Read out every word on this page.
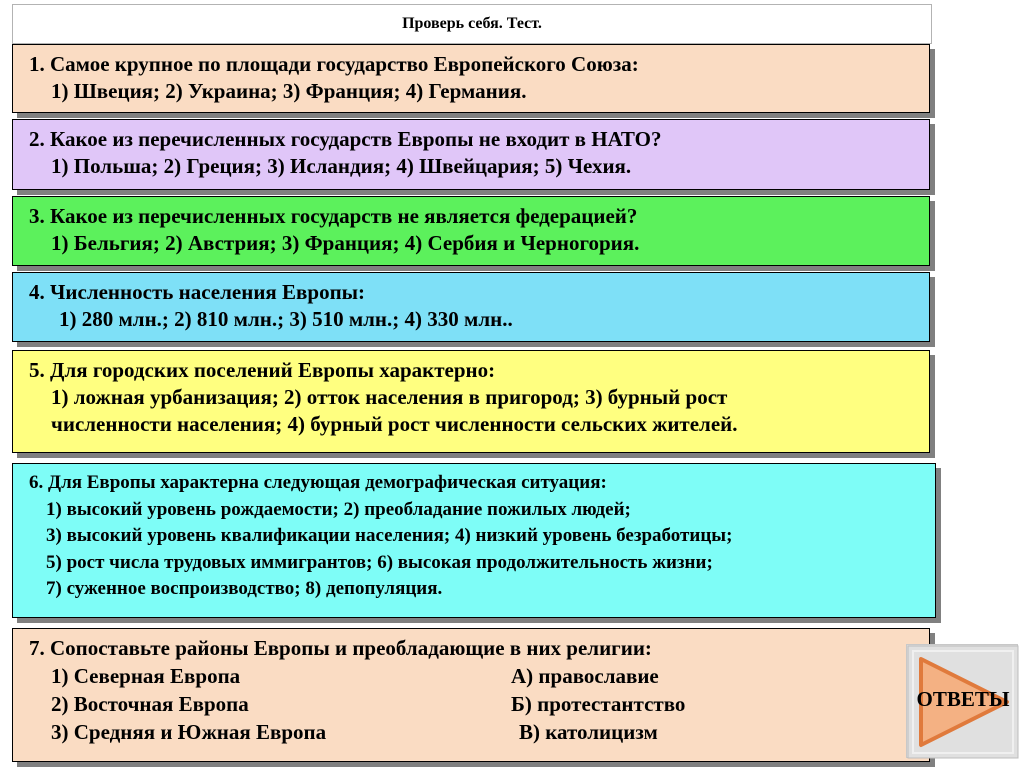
Проверь себя. Тест.
1. Самое крупное по площади государство Европейского Союза:
1) Швеция; 2) Украина; 3) Франция; 4) Германия.
2. Какое из перечисленных государств Европы не входит в НАТО?
1) Польша; 2) Греция; 3) Исландия; 4) Швейцария; 5) Чехия.
3. Какое из перечисленных государств не является федерацией?
1) Бельгия; 2) Австрия; 3) Франция; 4) Сербия и Черногория.
4. Численность населения Европы:
1) 280 млн.; 2) 810 млн.; 3) 510 млн.; 4) 330 млн..
5. Для городских поселений Европы характерно:
1) ложная урбанизация; 2) отток населения в пригород; 3) бурный рост
численности населения; 4) бурный рост численности сельских жителей.
6. Для Европы характерна следующая демографическая ситуация:
1) высокий уровень рождаемости; 2) преобладание пожилых людей;
3) высокий уровень квалификации населения; 4) низкий уровень безработицы;
5) рост числа трудовых иммигрантов; 6) высокая продолжительность жизни;
7) суженное воспроизводство; 8) депопуляция.
7. Сопоставьте районы Европы и преобладающие в них религии:
1) Северная Европа	А) православие
2) Восточная Европа	Б) протестантство
3) Средняя и Южная Европа	В) католицизм
ОТВЕТЫ
